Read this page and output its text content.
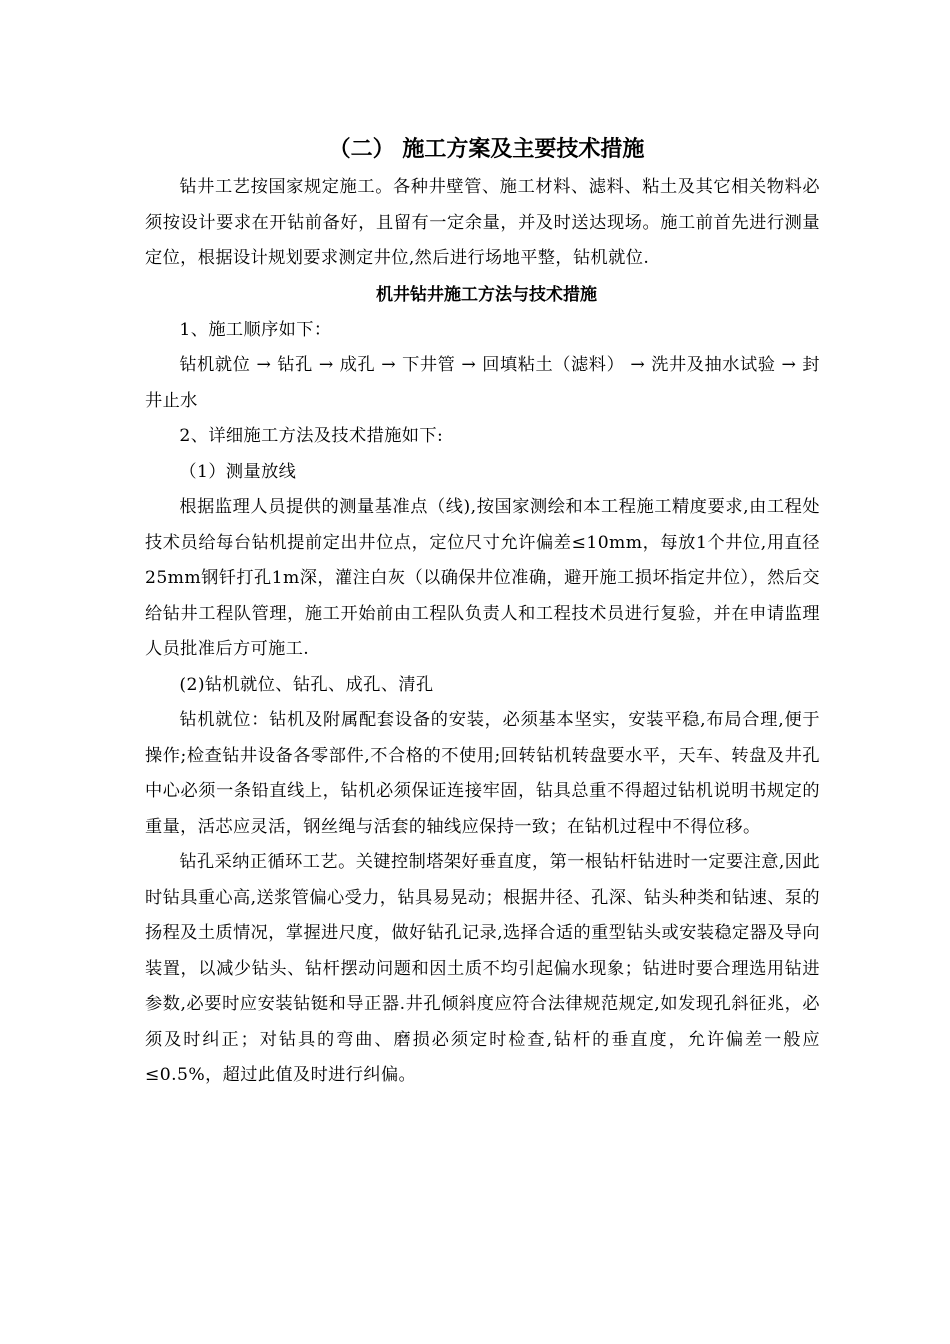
（二） 施工方案及主要技术措施

钻井工艺按国家规定施工。各种井壁管、施工材料、滤料、粘土及其它相关物料必须按设计要求在开钻前备好，且留有一定余量，并及时送达现场。施工前首先进行测量定位，根据设计规划要求测定井位,然后进行场地平整，钻机就位.

机井钻井施工方法与技术措施

1、施工顺序如下：

钻机就位 → 钻孔 → 成孔 → 下井管 → 回填粘土（滤料） → 洗井及抽水试验 → 封井止水

2、详细施工方法及技术措施如下:

（1）测量放线

根据监理人员提供的测量基准点（线),按国家测绘和本工程施工精度要求,由工程处技术员给每台钻机提前定出井位点，定位尺寸允许偏差≤10mm，每放1个井位,用直径25mm钢钎打孔1m深，灌注白灰（以确保井位准确，避开施工损坏指定井位），然后交给钻井工程队管理，施工开始前由工程队负责人和工程技术员进行复验，并在申请监理人员批准后方可施工.

(2)钻机就位、钻孔、成孔、清孔

钻机就位：钻机及附属配套设备的安装，必须基本坚实，安装平稳,布局合理,便于操作;检查钻井设备各零部件,不合格的不使用;回转钻机转盘要水平，天车、转盘及井孔中心必须一条铅直线上，钻机必须保证连接牢固，钻具总重不得超过钻机说明书规定的重量，活芯应灵活，钢丝绳与活套的轴线应保持一致；在钻机过程中不得位移。

钻孔采纳正循环工艺。关键控制塔架好垂直度，第一根钻杆钻进时一定要注意,因此时钻具重心高,送浆管偏心受力，钻具易晃动；根据井径、孔深、钻头种类和钻速、泵的扬程及土质情况，掌握进尺度，做好钻孔记录,选择合适的重型钻头或安装稳定器及导向装置，以减少钻头、钻杆摆动问题和因土质不均引起偏水现象；钻进时要合理选用钻进参数,必要时应安装钻铤和导正器.井孔倾斜度应符合法律规范规定,如发现孔斜征兆，必须及时纠正；对钻具的弯曲、磨损必须定时检查,钻杆的垂直度，允许偏差一般应≤0.5%，超过此值及时进行纠偏。
